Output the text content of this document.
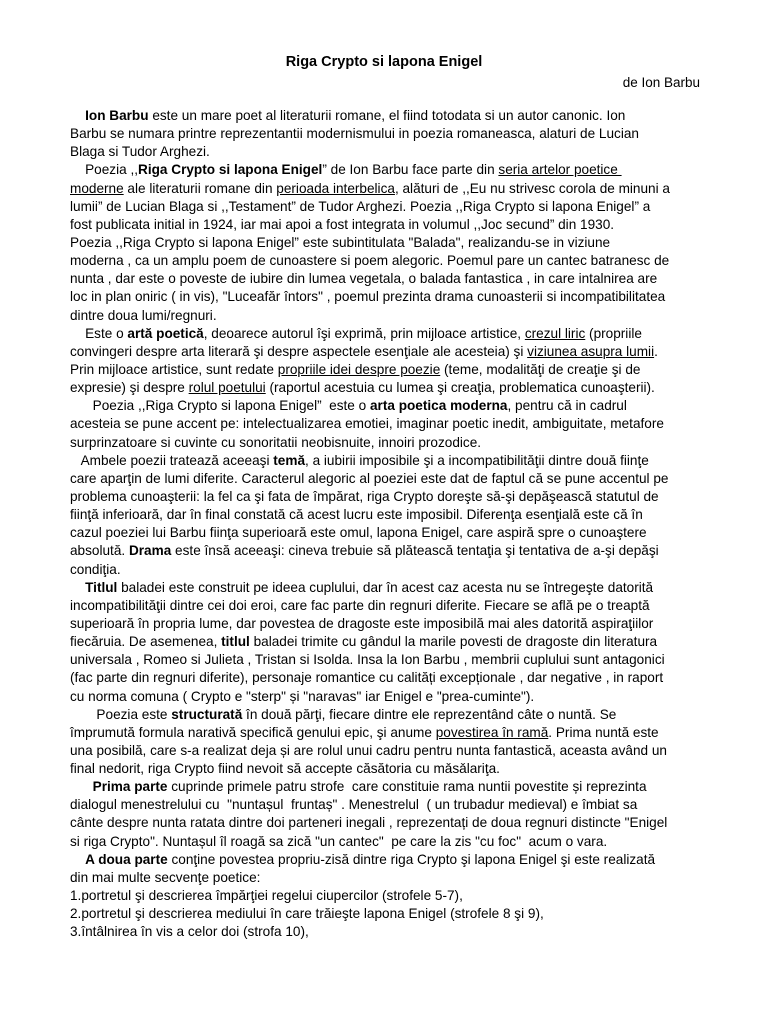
Riga Crypto si lapona Enigel
de Ion Barbu
Ion Barbu este un mare poet al literaturii romane, el fiind totodata si un autor canonic. Ion
Barbu se numara printre reprezentantii modernismului in poezia romaneasca, alaturi de Lucian
Blaga si Tudor Arghezi.
Poezia ,,Riga Crypto si lapona Enigel” de Ion Barbu face parte din seria artelor poetice
moderne ale literaturii romane din perioada interbelica, alături de ,,Eu nu strivesc corola de minuni a
lumii” de Lucian Blaga si ,,Testament” de Tudor Arghezi. Poezia ,,Riga Crypto si lapona Enigel” a
fost publicata initial in 1924, iar mai apoi a fost integrata in volumul ,,Joc secund” din 1930.
Poezia ,,Riga Crypto si lapona Enigel” este subintitulata "Balada", realizandu-se in viziune
moderna , ca un amplu poem de cunoastere si poem alegoric. Poemul pare un cantec batranesc de
nunta , dar este o poveste de iubire din lumea vegetala, o balada fantastica , in care intalnirea are
loc in plan oniric ( in vis), "Luceafăr întors" , poemul prezinta drama cunoasterii si incompatibilitatea
dintre doua lumi/regnuri.
Este o artă poetică, deoarece autorul îşi exprimă, prin mijloace artistice, crezul liric (propriile
convingeri despre arta literară şi despre aspectele esenţiale ale acesteia) şi viziunea asupra lumii.
Prin mijloace artistice, sunt redate propriile idei despre poezie (teme, modalităţi de creaţie şi de
expresie) şi despre rolul poetului (raportul acestuia cu lumea şi creaţia, problematica cunoaşterii).
Poezia ,,Riga Crypto si lapona Enigel”  este o arta poetica moderna, pentru că in cadrul
acesteia se pune accent pe: intelectualizarea emotiei, imaginar poetic inedit, ambiguitate, metafore
surprinzatoare si cuvinte cu sonoritatii neobisnuite, innoiri prozodice.
Ambele poezii tratează aceeaşi temă, a iubirii imposibile şi a incompatibilităţii dintre două fiinţe
care aparţin de lumi diferite. Caracterul alegoric al poeziei este dat de faptul că se pune accentul pe
problema cunoaşterii: la fel ca şi fata de împărat, riga Crypto doreşte să-şi depăşească statutul de
fiinţă inferioară, dar în final constată că acest lucru este imposibil. Diferenţa esenţială este că în
cazul poeziei lui Barbu fiinţa superioară este omul, lapona Enigel, care aspiră spre o cunoaştere
absolută. Drama este însă aceeaşi: cineva trebuie să plătească tentaţia şi tentativa de a-şi depăşi
condiţia.
Titlul baladei este construit pe ideea cuplului, dar în acest caz acesta nu se întregeşte datorită
incompatibilităţii dintre cei doi eroi, care fac parte din regnuri diferite. Fiecare se află pe o treaptă
superioară în propria lume, dar povestea de dragoste este imposibilă mai ales datorită aspiraţiilor
fiecăruia. De asemenea, titlul baladei trimite cu gândul la marile povesti de dragoste din literatura
universala , Romeo si Julieta , Tristan si Isolda. Insa la Ion Barbu , membrii cuplului sunt antagonici
(fac parte din regnuri diferite), personaje romantice cu calități excepționale , dar negative , in raport
cu norma comuna ( Crypto e "sterp" și "naravas" iar Enigel e "prea-cuminte").
Poezia este structurată în două părţi, fiecare dintre ele reprezentând câte o nuntă. Se
împrumută formula narativă specifică genului epic, şi anume povestirea în ramă. Prima nuntă este
una posibilă, care s-a realizat deja și are rolul unui cadru pentru nunta fantastică, aceasta având un
final nedorit, riga Crypto fiind nevoit să accepte căsătoria cu mǎsǎlariţa.
Prima parte cuprinde primele patru strofe  care constituie rama nuntii povestite și reprezinta
dialogul menestrelului cu  "nuntașul  fruntaș" . Menestrelul  ( un trubadur medieval) e îmbiat sa
cânte despre nunta ratata dintre doi parteneri inegali , reprezentați de doua regnuri distincte "Enigel
si riga Crypto". Nuntașul îl roagă sa zică "un cantec"  pe care la zis "cu foc"  acum o vara.
A doua parte conţine povestea propriu-zisă dintre riga Crypto şi lapona Enigel şi este realizată
din mai multe secvenţe poetice:
1.portretul şi descrierea împărţiei regelui ciupercilor (strofele 5-7),
2.portretul şi descrierea mediului în care trăieşte lapona Enigel (strofele 8 şi 9),
3.întâlnirea în vis a celor doi (strofa 10),
